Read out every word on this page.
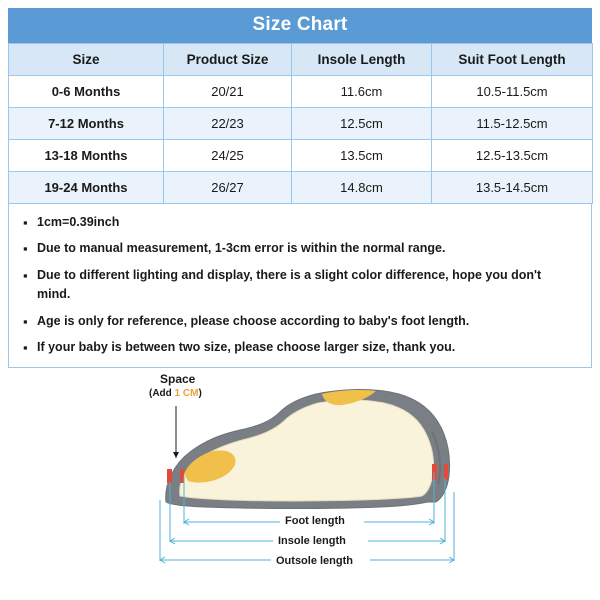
Size Chart
Size	Product Size	Insole Length	Suit Foot Length
0-6 Months	20/21	11.6cm	10.5-11.5cm
7-12 Months	22/23	12.5cm	11.5-12.5cm
13-18 Months	24/25	13.5cm	12.5-13.5cm
19-24 Months	26/27	14.8cm	13.5-14.5cm
▪ 1cm=0.39inch
▪ Due to manual measurement, 1-3cm error is within the normal range.
▪ Due to different lighting and display, there is a slight color difference, hope you don't mind.
▪ Age is only for reference, please choose according to baby's foot length.
▪ If your baby is between two size, please choose larger size, thank you.
Space
(Add 1 CM)
Foot length
Insole length
Outsole length
